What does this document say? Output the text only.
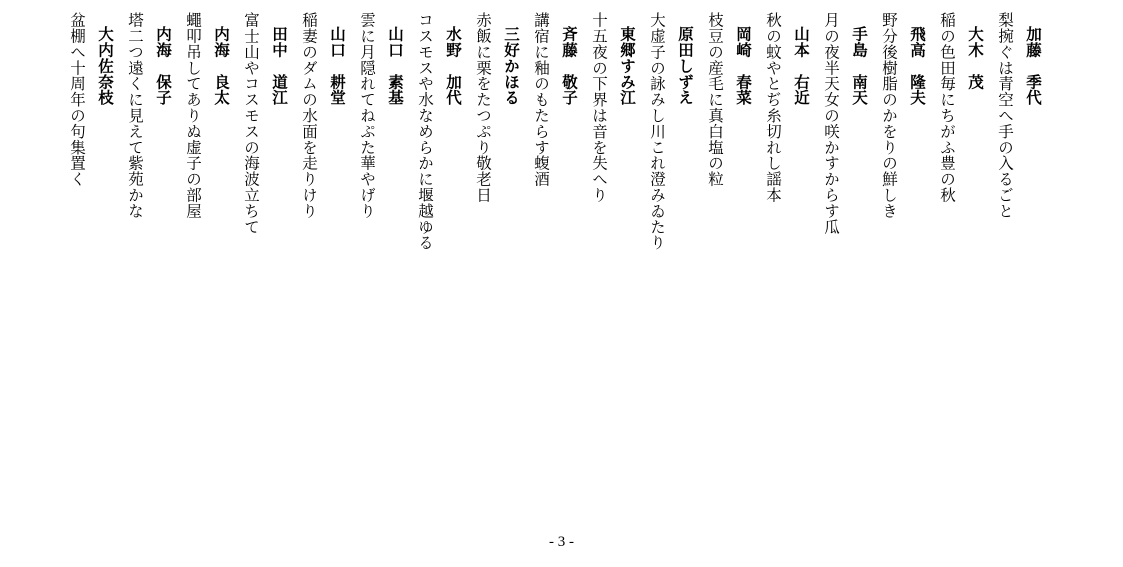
加藤　季代
梨捥ぐは青空へ手の入るごと
大木　茂
稲の色田毎にちがふ豊の秋
飛高　隆夫
野分後樹脂のかをりの鮮しき
手島　南天
月の夜半天女の咲かすからす瓜
山本　右近
秋の蚊やとぢ糸切れし謡本
岡崎　春菜
枝豆の産毛に真白塩の粒
原田しずえ
大虚子の詠みし川これ澄みゐたり
東郷すみ江
十五夜の下界は音を失へり
斉藤　敬子
講宿に釉のもたらす蝮酒
三好かほる
赤飯に栗をたつぷり敬老日
水野　加代
コスモスや水なめらかに堰越ゆる
山口　素基
雲に月隠れてねぷた華やげり
山口　耕堂
稲妻のダムの水面を走りけり
田中　道江
富士山やコスモスの海波立ちて
内海　良太
蠅叩吊してありぬ虚子の部屋
内海　保子
塔二つ遠くに見えて紫苑かな
大内佐奈枝
盆棚へ十周年の句集置く
- 3 -
